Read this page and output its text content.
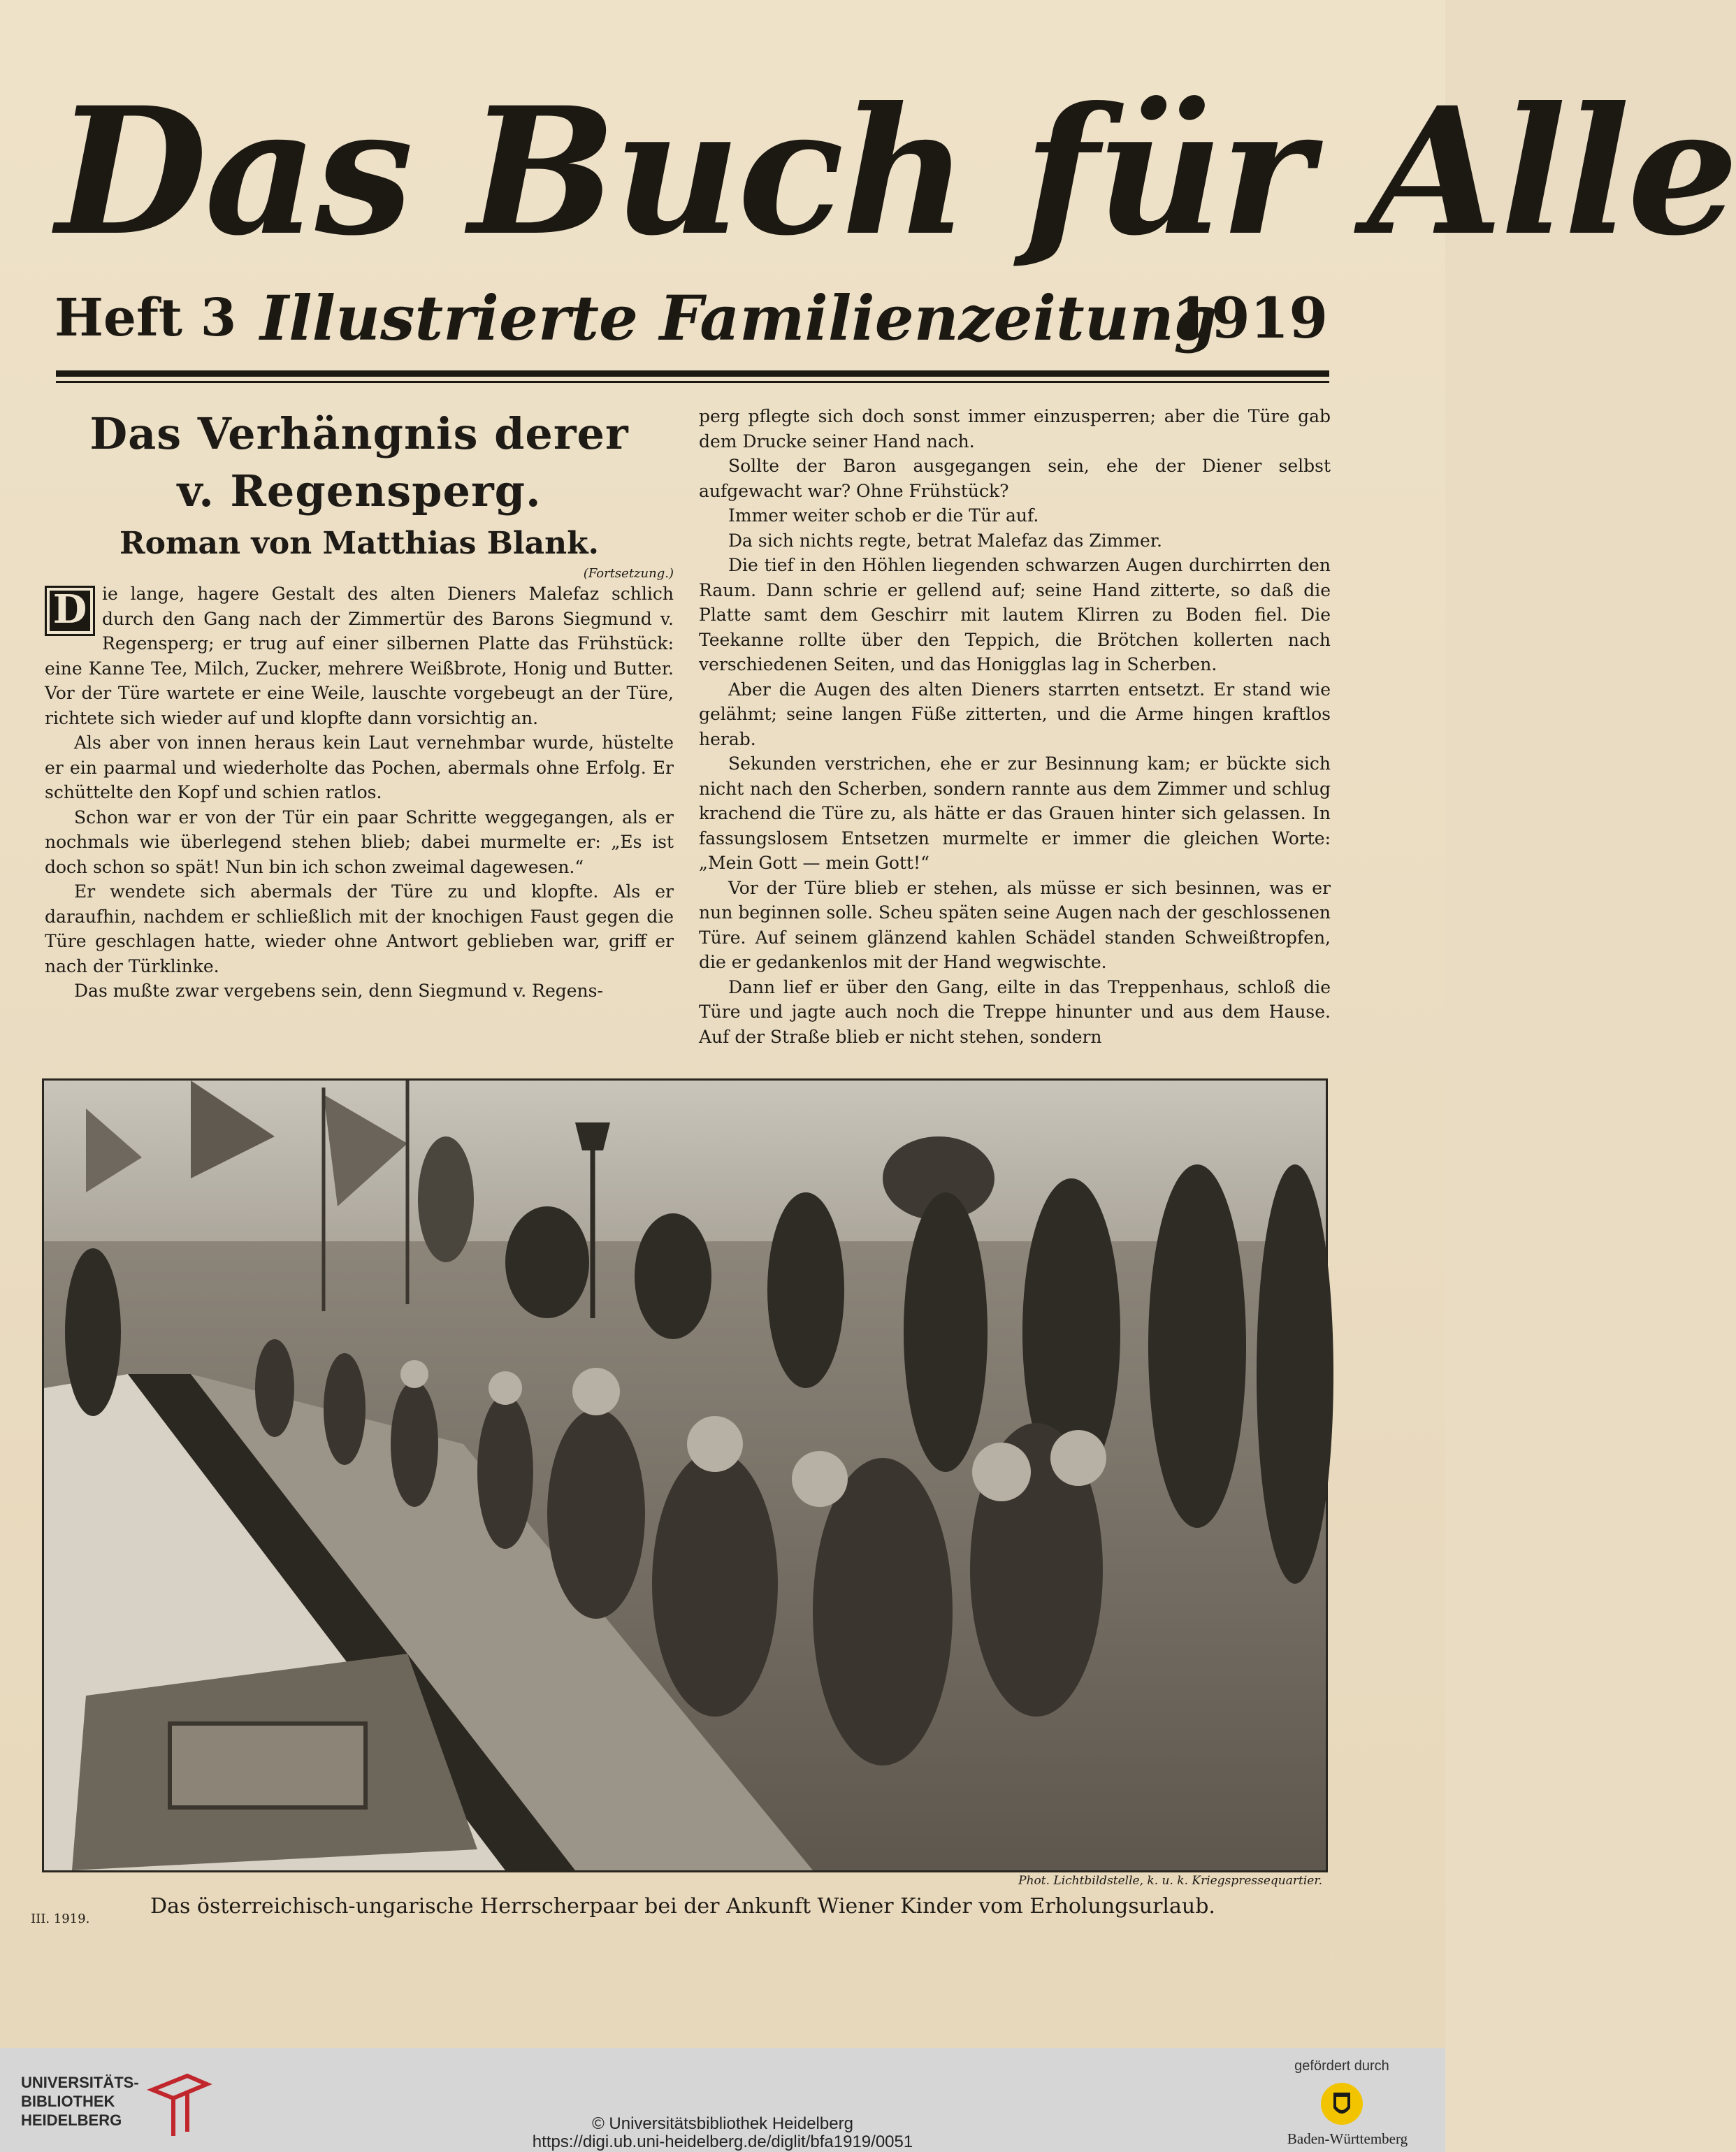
Das Buch für Alle
Heft 3 Illustrierte Familienzeitung
1919

Das Verhängnis derer

v. Regensperg.

Roman von Matthias Blank.

(Fortsetzung.)

D ie lange, hagere Gestalt des alten Dieners Malefaz schlich durch den Gang nach der Zimmertür des Barons Siegmund v. Regensperg; er trug auf einer silbernen Platte das Frühstück: eine Kanne Tee, Milch, Zucker, mehrere Weißbrote, Honig und Butter. Vor der Türe wartete er eine Weile, lauschte vorgebeugt an der Türe, richtete sich wieder auf und klopfte dann vorsichtig an.

Als aber von innen heraus kein Laut vernehmbar wurde, hüstelte er ein paarmal und wiederholte das Pochen, abermals ohne Erfolg. Er schüttelte den Kopf und schien ratlos.

Schon war er von der Tür ein paar Schritte weggegangen, als er nochmals wie überlegend stehen blieb; dabei murmelte er: „Es ist doch schon so spät! Nun bin ich schon zweimal dagewesen.“

Er wendete sich abermals der Türe zu und klopfte. Als er daraufhin, nachdem er schließlich mit der knochigen Faust gegen die Türe geschlagen hatte, wieder ohne Antwort geblieben war, griff er nach der Türklinke.

Das mußte zwar vergebens sein, denn Siegmund v. Regens-

perg pflegte sich doch sonst immer einzusperren; aber die Türe gab dem Drucke seiner Hand nach.

Sollte der Baron ausgegangen sein, ehe der Diener selbst aufgewacht war? Ohne Frühstück?

Immer weiter schob er die Tür auf.

Da sich nichts regte, betrat Malefaz das Zimmer.

Die tief in den Höhlen liegenden schwarzen Augen durchirrten den Raum. Dann schrie er gellend auf; seine Hand zitterte, so daß die Platte samt dem Geschirr mit lautem Klirren zu Boden fiel. Die Teekanne rollte über den Teppich, die Brötchen kollerten nach verschiedenen Seiten, und das Honigglas lag in Scherben.

Aber die Augen des alten Dieners starrten entsetzt. Er stand wie gelähmt; seine langen Füße zitterten, und die Arme hingen kraftlos herab.

Sekunden verstrichen, ehe er zur Besinnung kam; er bückte sich nicht nach den Scherben, sondern rannte aus dem Zimmer und schlug krachend die Türe zu, als hätte er das Grauen hinter sich gelassen. In fassungslosem Entsetzen murmelte er immer die gleichen Worte: „Mein Gott — mein Gott!“

Vor der Türe blieb er stehen, als müsse er sich besinnen, was er nun beginnen solle. Scheu späten seine Augen nach der geschlossenen Türe. Auf seinem glänzend kahlen Schädel standen Schweißtropfen, die er gedankenlos mit der Hand wegwischte.

Dann lief er über den Gang, eilte in das Treppenhaus, schloß die Türe und jagte auch noch die Treppe hinunter und aus dem Hause. Auf der Straße blieb er nicht stehen, sondern

Phot. Lichtbildstelle, k. u. k. Kriegspressequartier.
Das österreichisch-ungarische Herrscherpaar bei der Ankunft Wiener Kinder vom Erholungsurlaub.
III. 1919.
UNIVERSITÄTS-
BIBLIOTHEK
HEIDELBERG	© Universitätsbibliothek Heidelberg
https://digi.ub.uni-heidelberg.de/diglit/bfa1919/0051
gefördert durch
Baden-Württemberg
